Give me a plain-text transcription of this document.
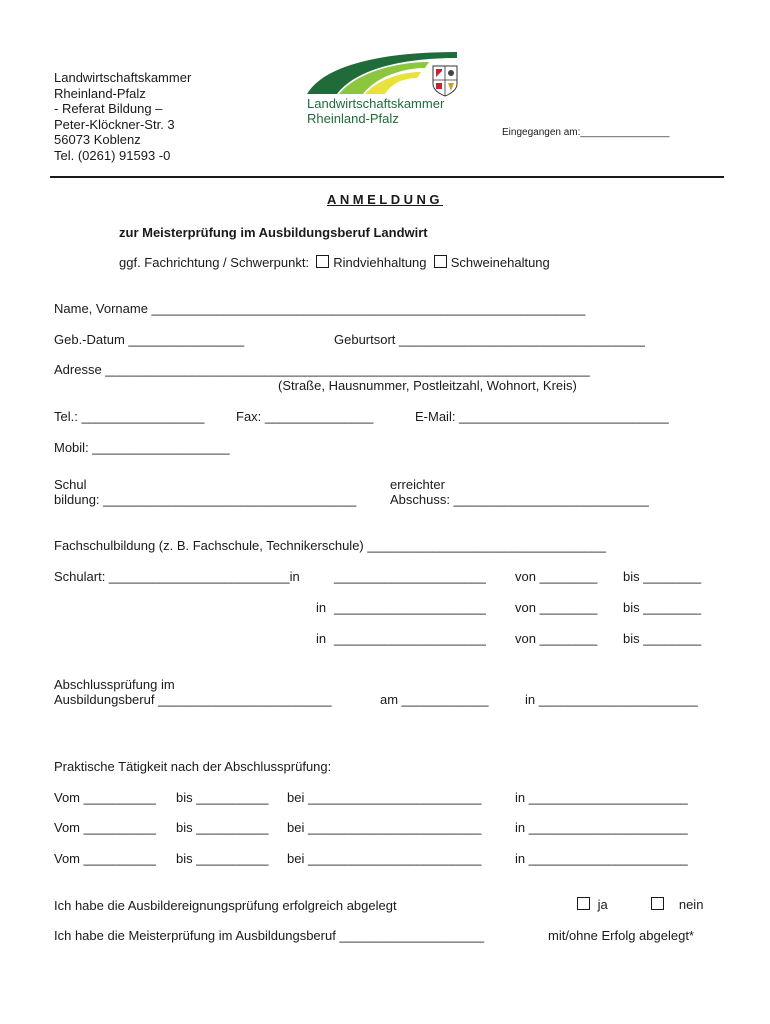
Landwirtschaftskammer
Rheinland-Pfalz
- Referat Bildung –
Peter-Klöckner-Str. 3
56073 Koblenz
Tel. (0261) 91593 -0
Landwirtschaftskammer
Rheinland-Pfalz
Eingegangen am:________________
ANMELDUNG
zur Meisterprüfung im Ausbildungsberuf Landwirt
ggf. Fachrichtung / Schwerpunkt: Rindviehhaltung Schweinehaltung
Name, Vorname ____________________________________________________________
Geb.-Datum ________________	Geburtsort __________________________________
Adresse ___________________________________________________________________
(Straße, Hausnummer, Postleitzahl, Wohnort, Kreis)
Tel.: _________________ Fax: _______________	E-Mail: _____________________________
Mobil: ___________________
Schul
bildung: ___________________________________
erreichter
Abschuss: ___________________________
Fachschulbildung (z. B. Fachschule, Technikerschule) _________________________________
Schulart: _________________________in	_____________________ von ________ bis ________
in _____________________ von ________ bis ________
in _____________________ von ________ bis ________
Abschlussprüfung im
Ausbildungsberuf ________________________	am ____________	in ______________________
Praktische Tätigkeit nach der Abschlussprüfung:
Vom __________ bis __________ bei ________________________	in ______________________
Vom __________ bis __________ bei ________________________	in ______________________
Vom __________ bis __________ bei ________________________	in ______________________
Ich habe die Ausbildereignungsprüfung erfolgreich abgelegt	ja	nein
Ich habe die Meisterprüfung im Ausbildungsberuf ____________________	mit/ohne Erfolg abgelegt*
